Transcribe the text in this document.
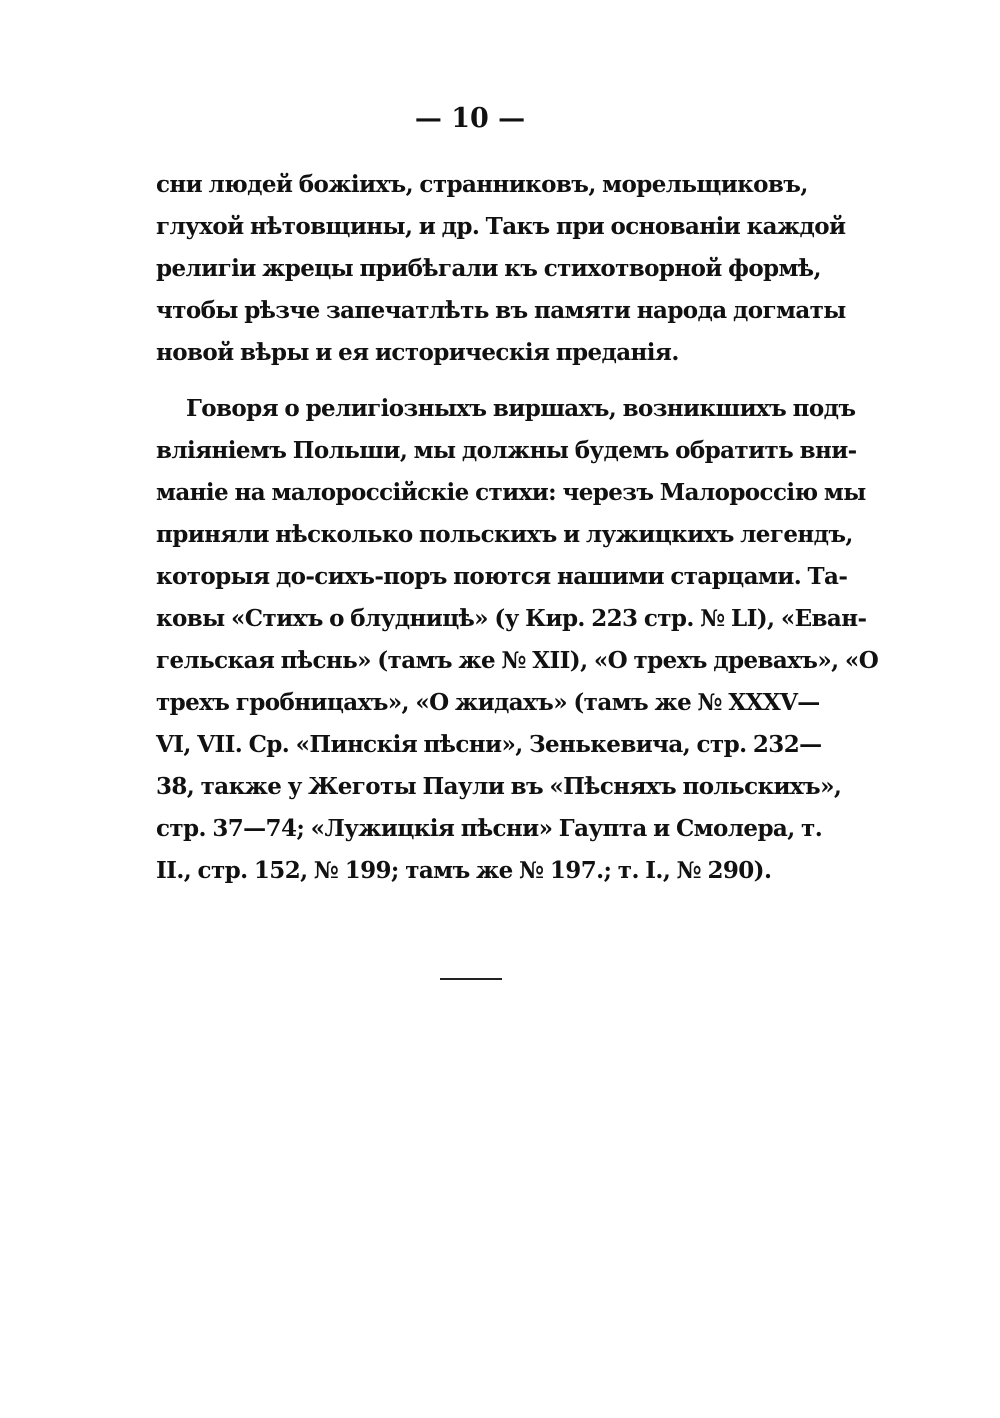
— 10 —

сни людей божіихъ, странниковъ, морельщиковъ,
глухой нѣтовщины, и др. Такъ при основаніи каждой
религіи жрецы прибѣгали къ стихотворной формѣ,
чтобы рѣзче запечатлѣть въ памяти народа догматы
новой вѣры и ея историческія преданія.

Говоря о религіозныхъ виршахъ, возникшихъ подъ
вліяніемъ Польши, мы должны будемъ обратить вни-
маніе на малороссійскіе стихи: черезъ Малороссію мы
приняли нѣсколько польскихъ и лужицкихъ легендъ,
которыя до-сихъ-поръ поются нашими старцами. Та-
ковы «Стихъ о блудницѣ» (у Кир. 223 стр. № LI), «Еван-
гельская пѣснь» (тамъ же № XII), «О трехъ древахъ», «О
трехъ гробницахъ», «О жидахъ» (тамъ же № XXXV—
VI, VII. Ср. «Пинскія пѣсни», Зенькевича, стр. 232—
38, также у Жеготы Паули въ «Пѣсняхъ польскихъ»,
стр. 37—74; «Лужицкія пѣсни» Гаупта и Смолера, т.
II., стр. 152, № 199; тамъ же № 197.; т. I., № 290).
